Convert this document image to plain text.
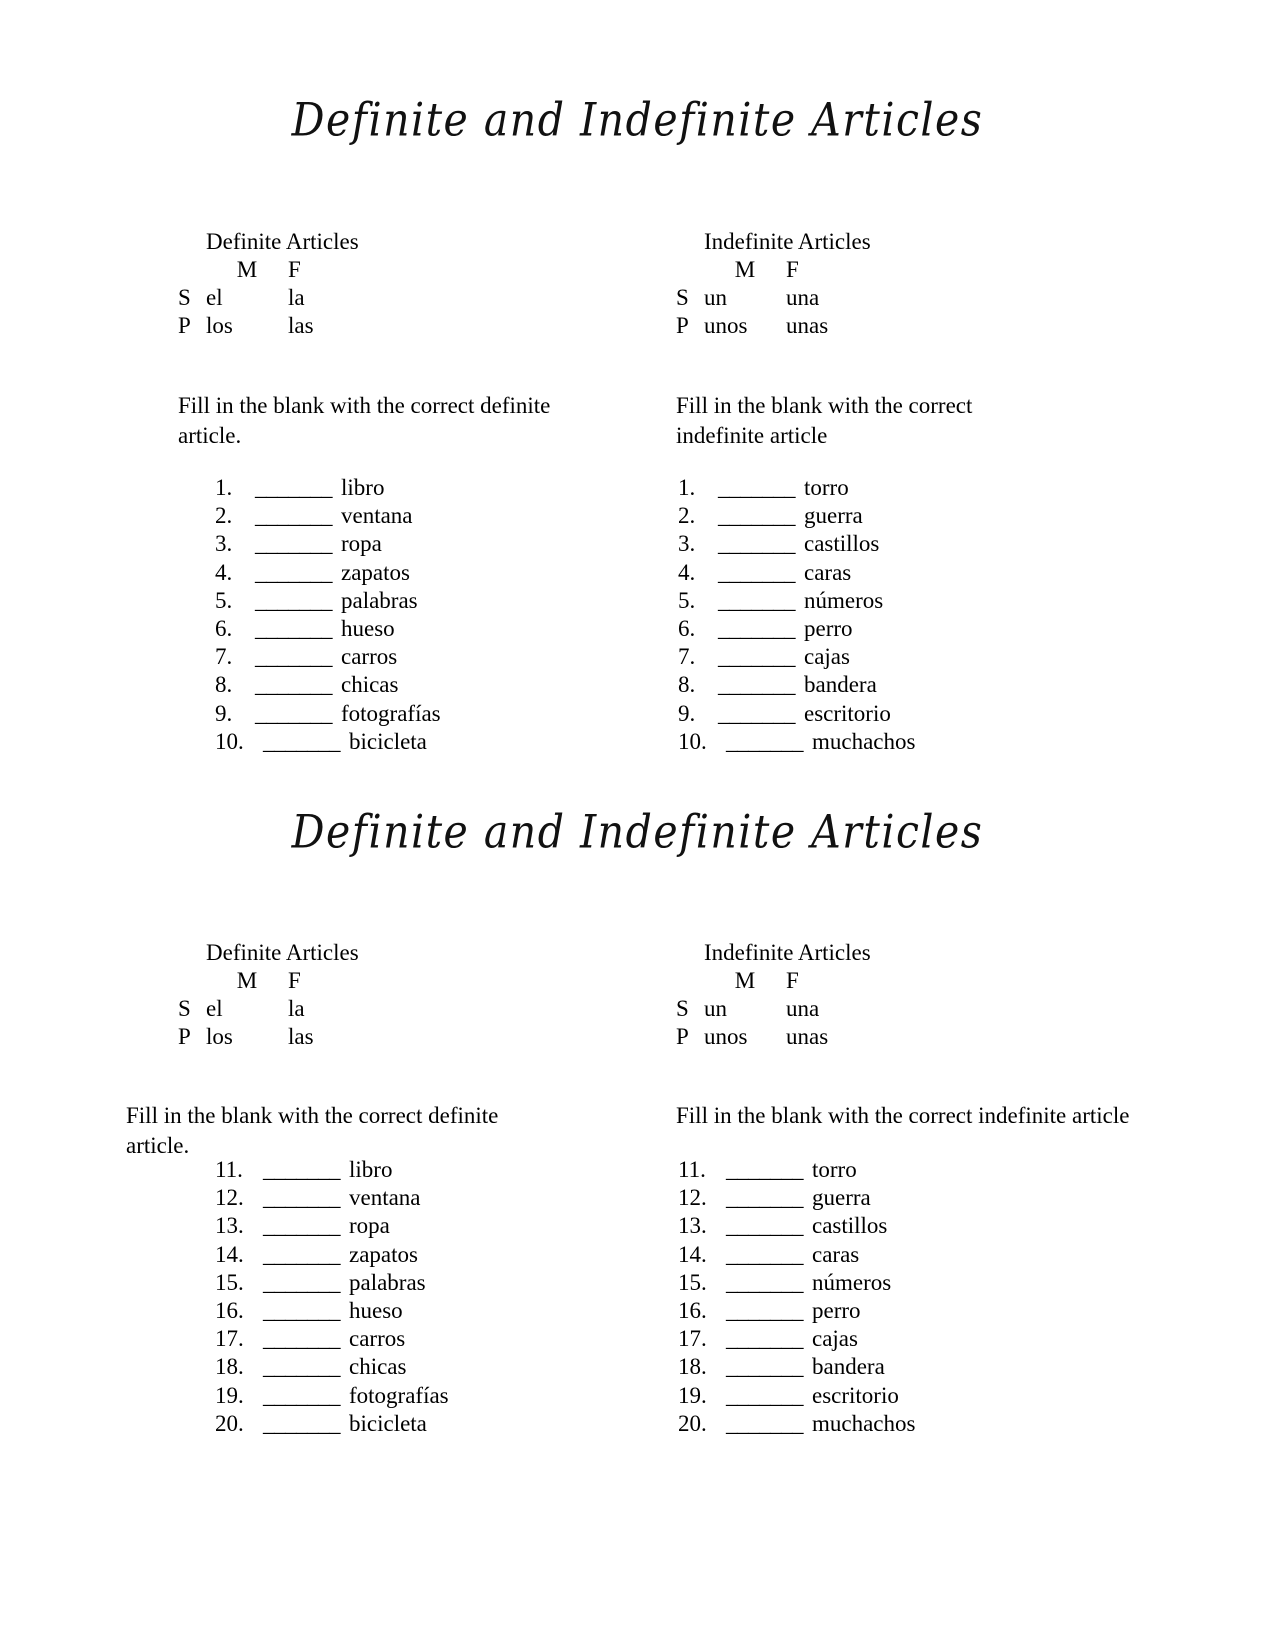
Definite and Indefinite Articles
Definite Articles
M F
S el	la
P los las
Indefinite Articles
M F
S un	una
P unos unas
Fill in the blank with the correct definite article.
Fill in the blank with the correct indefinite article
1. _______ libro
2. _______ ventana
3. _______ ropa
4. _______ zapatos
5. _______ palabras
6. _______ hueso
7. _______ carros
8. _______ chicas
9. _______ fotografías
10. _______ bicicleta
1. _______ torro
2. _______ guerra
3. _______ castillos
4. _______ caras
5. _______ números
6. _______ perro
7. _______ cajas
8. _______ bandera
9. _______ escritorio
10. _______ muchachos
Definite and Indefinite Articles
Definite Articles
M F
S el	la
P los las
Indefinite Articles
M F
S un	una
P unos unas
Fill in the blank with the correct definite article.
Fill in the blank with the correct indefinite article
11. _______ libro
12. _______ ventana
13. _______ ropa
14. _______ zapatos
15. _______ palabras
16. _______ hueso
17. _______ carros
18. _______ chicas
19. _______ fotografías
20. _______ bicicleta
11. _______ torro
12. _______ guerra
13. _______ castillos
14. _______ caras
15. _______ números
16. _______ perro
17. _______ cajas
18. _______ bandera
19. _______ escritorio
20. _______ muchachos
